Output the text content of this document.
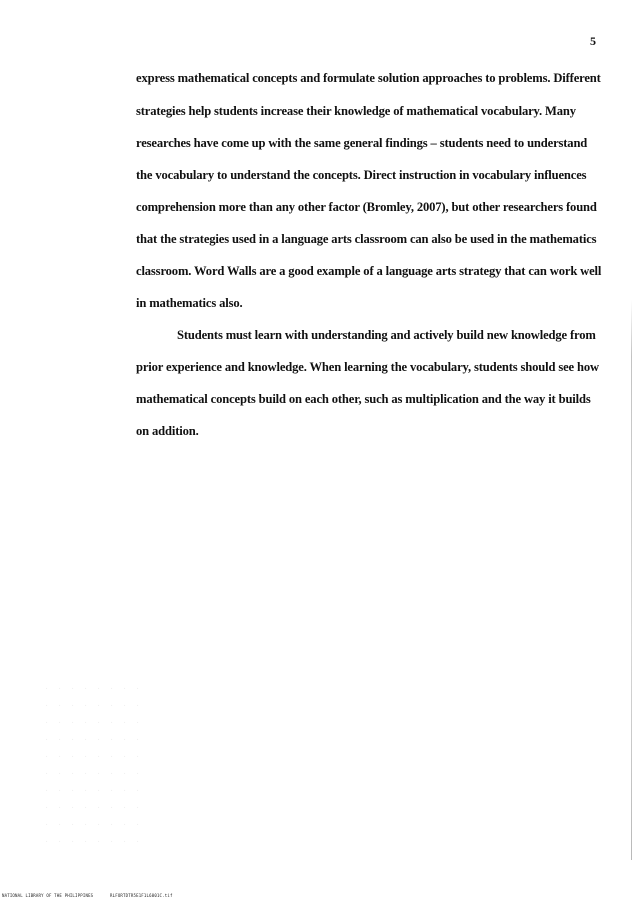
5
express mathematical concepts and formulate solution approaches to problems. Different
strategies help students increase their knowledge of mathematical vocabulary. Many
researches have come up with the same general findings – students need to understand
the vocabulary to understand the concepts. Direct instruction in vocabulary influences
comprehension more than any other factor (Bromley, 2007), but other researchers found
that the strategies used in a language arts classroom can also be used in the mathematics
classroom. Word Walls are a good example of a language arts strategy that can work well
in mathematics also.
Students must learn with understanding and actively build new knowledge from
prior experience and knowledge. When learning the vocabulary, students should see how
mathematical concepts build on each other, such as multiplication and the way it builds
on addition.
NATIONAL LIBRARY OF THE PHILIPPINES	RLFORTDTR5E1F1L6001C.tif
